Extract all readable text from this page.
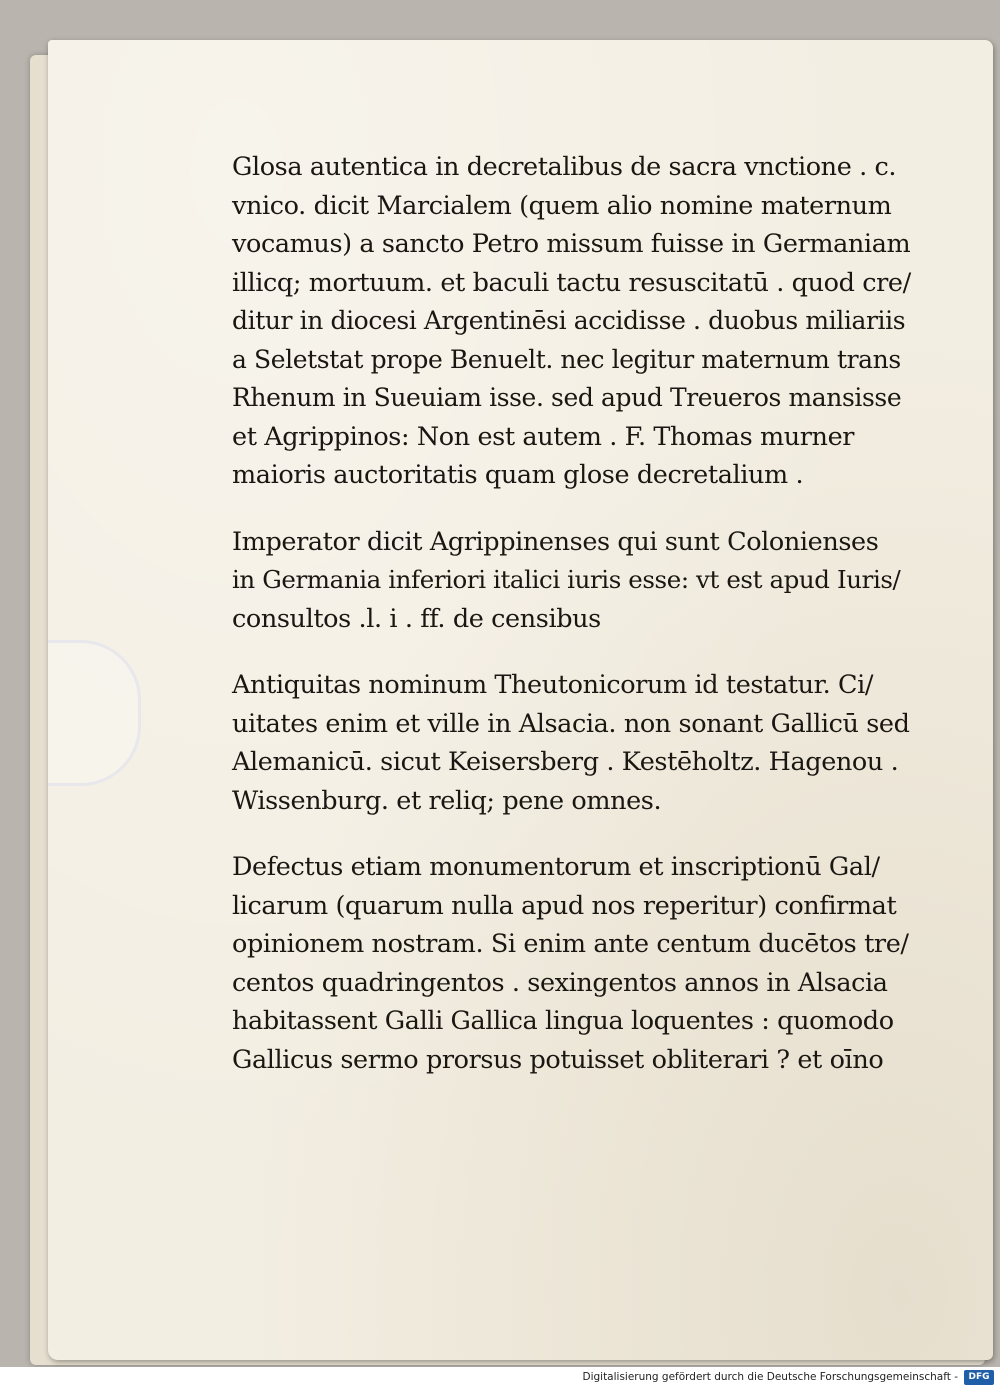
Glosa autentica in decretalibus de sacra vnctione . c.
vnico. dicit Marcialem (quem alio nomine maternum
vocamus) a sancto Petro missum fuisse in Germaniam
illicq; mortuum. et baculi tactu resuscitatū . quod cre/
ditur in diocesi Argentinēsi accidisse . duobus miliariis
a Seletstat prope Benuelt. nec legitur maternum trans
Rhenum in Sueuiam isse. sed apud Treueros mansisse
et Agrippinos: Non est autem . F. Thomas murner
maioris auctoritatis quam glose decretalium .
Imperator dicit Agrippinenses qui sunt Colonienses
in Germania inferiori italici iuris esse: vt est apud Iuris/
consultos .l. i . ff. de censibus
Antiquitas nominum Theutonicorum id testatur. Ci/
uitates enim et ville in Alsacia. non sonant Gallicū sed
Alemanicū. sicut Keisersberg . Kestēholtz. Hagenou .
Wissenburg. et reliq; pene omnes.
Defectus etiam monumentorum et inscriptionū Gal/
licarum (quarum nulla apud nos reperitur) confirmat
opinionem nostram. Si enim ante centum ducētos tre/
centos quadringentos . sexingentos annos in Alsacia
habitassent Galli Gallica lingua loquentes : quomodo
Gallicus sermo prorsus potuisset obliterari ? et oīno
Digitalisierung gefördert durch die Deutsche Forschungsgemeinschaft -	DFG
